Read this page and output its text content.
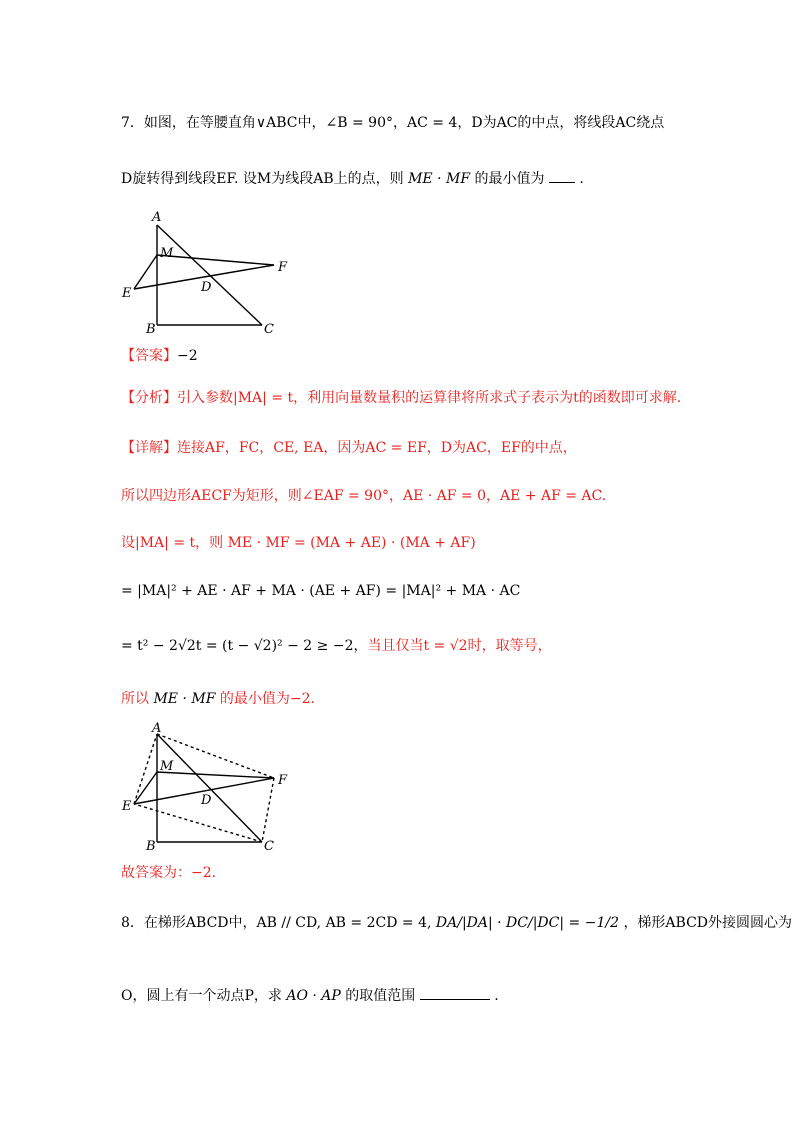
7．如图，在等腰直角∨ABC中，∠B = 90°，AC = 4，D为AC的中点，将线段AC绕点
D旋转得到线段EF. 设M为线段AB上的点，则 ME · MF 的最小值为 .
A
M
F
E	D
B	C
【答案】−2
【分析】引入参数|MA| = t，利用向量数量积的运算律将所求式子表示为t的函数即可求解.
【详解】连接AF，FC，CE, EA，因为AC = EF，D为AC，EF的中点，
所以四边形AECF为矩形，则∠EAF = 90°，AE · AF = 0，AE + AF = AC.
设|MA| = t，则 ME · MF = (MA + AE) · (MA + AF)
= |MA|² + AE · AF + MA · (AE + AF) = |MA|² + MA · AC
= t² − 2√2t = (t − √2)² − 2 ≥ −2，当且仅当t = √2时，取等号，
所以 ME · MF 的最小值为−2.
A
M
F
E	D
B	C
故答案为：−2.
8．在梯形ABCD中，AB // CD, AB = 2CD = 4, DA/|DA| · DC/|DC| = −1/2 ，梯形ABCD外接圆圆心为
O，圆上有一个动点P，求 AO · AP 的取值范围	.
